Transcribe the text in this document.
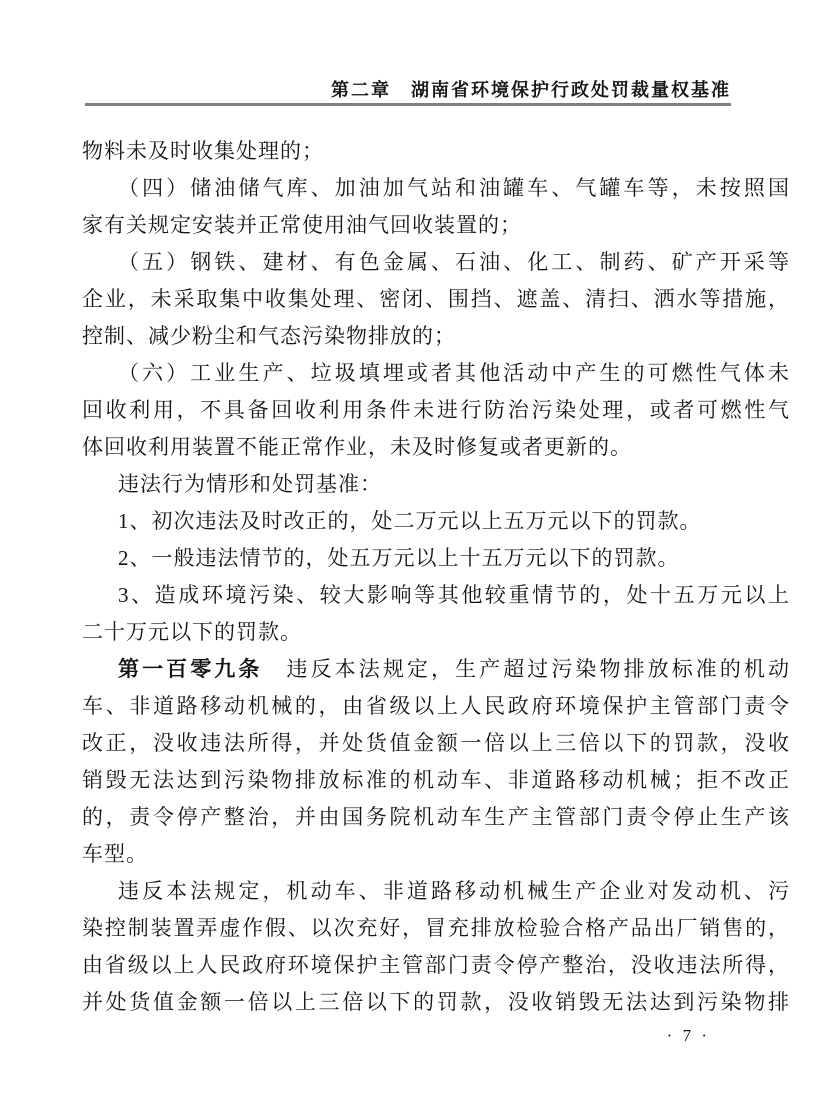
第二章　湖南省环境保护行政处罚裁量权基准
物料未及时收集处理的；
（四）储油储气库、加油加气站和油罐车、气罐车等，未按照国
家有关规定安装并正常使用油气回收装置的；
（五）钢铁、建材、有色金属、石油、化工、制药、矿产开采等
企业，未采取集中收集处理、密闭、围挡、遮盖、清扫、洒水等措施，
控制、减少粉尘和气态污染物排放的；
（六）工业生产、垃圾填埋或者其他活动中产生的可燃性气体未
回收利用，不具备回收利用条件未进行防治污染处理，或者可燃性气
体回收利用装置不能正常作业，未及时修复或者更新的。
违法行为情形和处罚基准：
1、初次违法及时改正的，处二万元以上五万元以下的罚款。
2、一般违法情节的，处五万元以上十五万元以下的罚款。
3、造成环境污染、较大影响等其他较重情节的，处十五万元以上
二十万元以下的罚款。
第一百零九条　违反本法规定，生产超过污染物排放标准的机动
车、非道路移动机械的，由省级以上人民政府环境保护主管部门责令
改正，没收违法所得，并处货值金额一倍以上三倍以下的罚款，没收
销毁无法达到污染物排放标准的机动车、非道路移动机械；拒不改正
的，责令停产整治，并由国务院机动车生产主管部门责令停止生产该
车型。
违反本法规定，机动车、非道路移动机械生产企业对发动机、污
染控制装置弄虚作假、以次充好，冒充排放检验合格产品出厂销售的，
由省级以上人民政府环境保护主管部门责令停产整治，没收违法所得，
并处货值金额一倍以上三倍以下的罚款，没收销毁无法达到污染物排
· 7 ·
